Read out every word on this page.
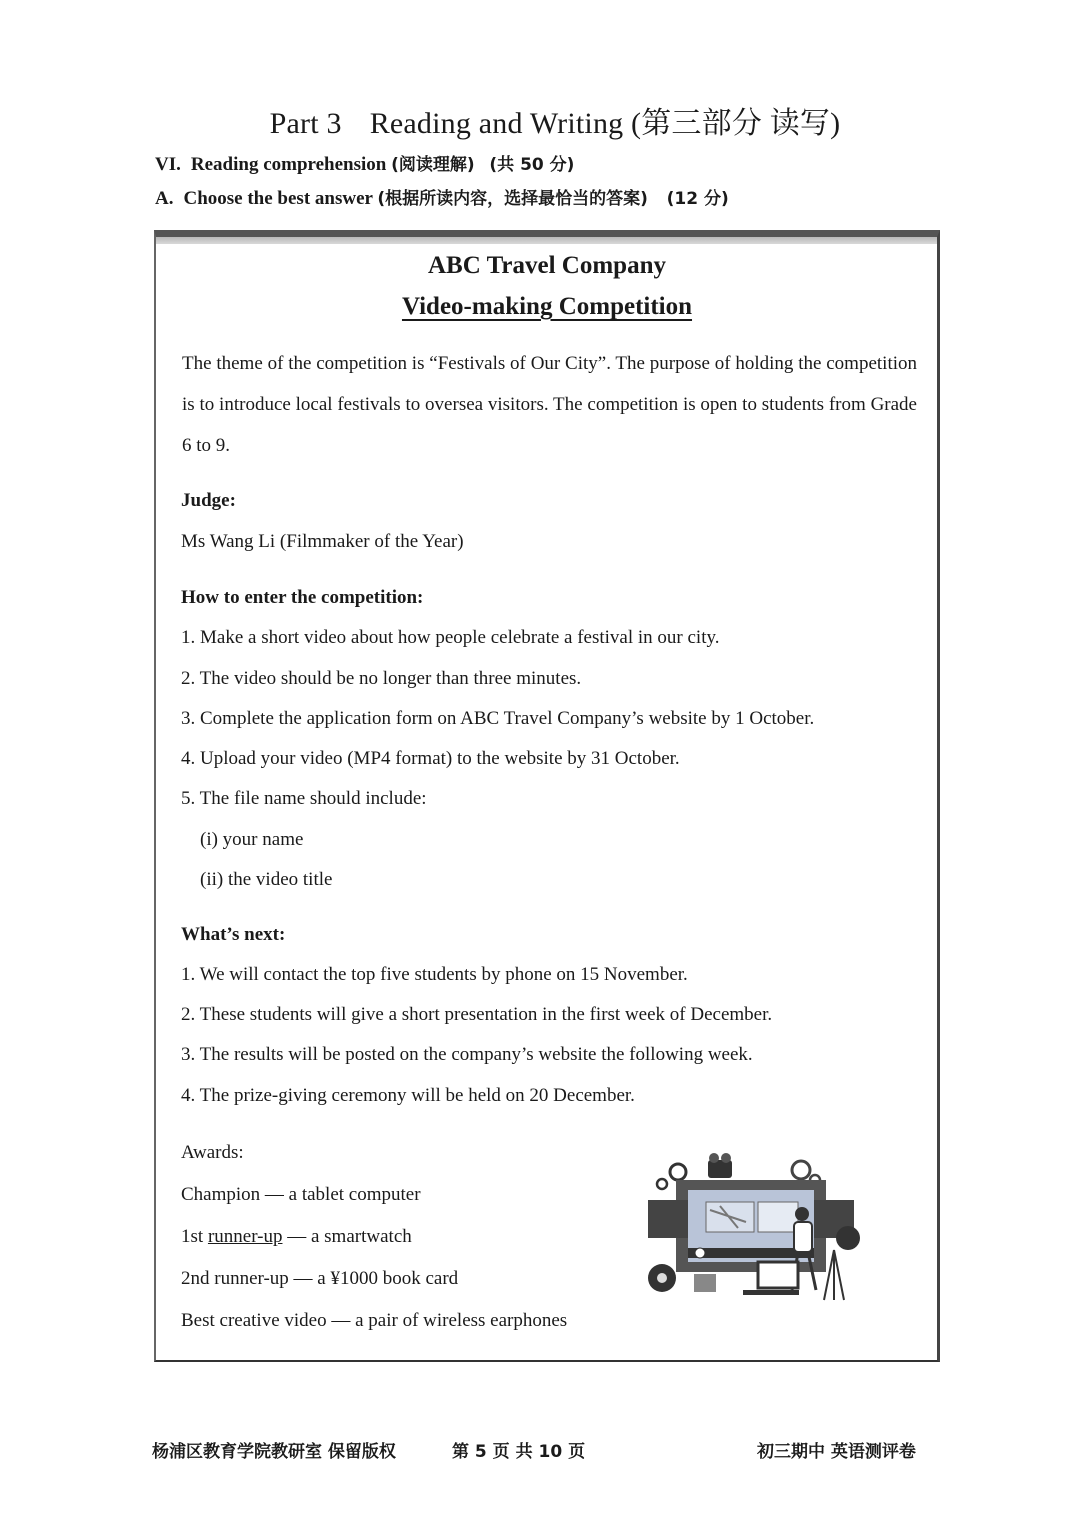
Part 3 Reading and Writing (第三部分 读写)
VI. Reading comprehension (阅读理解) (共 50 分)
A. Choose the best answer (根据所读内容，选择最恰当的答案) (12 分)
ABC Travel Company
Video-making Competition
The theme of the competition is “Festivals of Our City”. The purpose of holding the competition is to introduce local festivals to oversea visitors. The competition is open to students from Grade 6 to 9.
Judge:
Ms Wang Li (Filmmaker of the Year)
How to enter the competition:
1. Make a short video about how people celebrate a festival in our city.
2. The video should be no longer than three minutes.
3. Complete the application form on ABC Travel Company’s website by 1 October.
4. Upload your video (MP4 format) to the website by 31 October.
5. The file name should include:
(i) your name
(ii) the video title
What’s next:
1. We will contact the top five students by phone on 15 November.
2. These students will give a short presentation in the first week of December.
3. The results will be posted on the company’s website the following week.
4. The prize-giving ceremony will be held on 20 December.
Awards:
Champion — a tablet computer
1st runner-up — a smartwatch
2nd runner-up — a ¥1000 book card
Best creative video — a pair of wireless earphones
杨浦区教育学院教研室 保留版权	第 5 页 共 10 页	初三期中 英语测评卷
